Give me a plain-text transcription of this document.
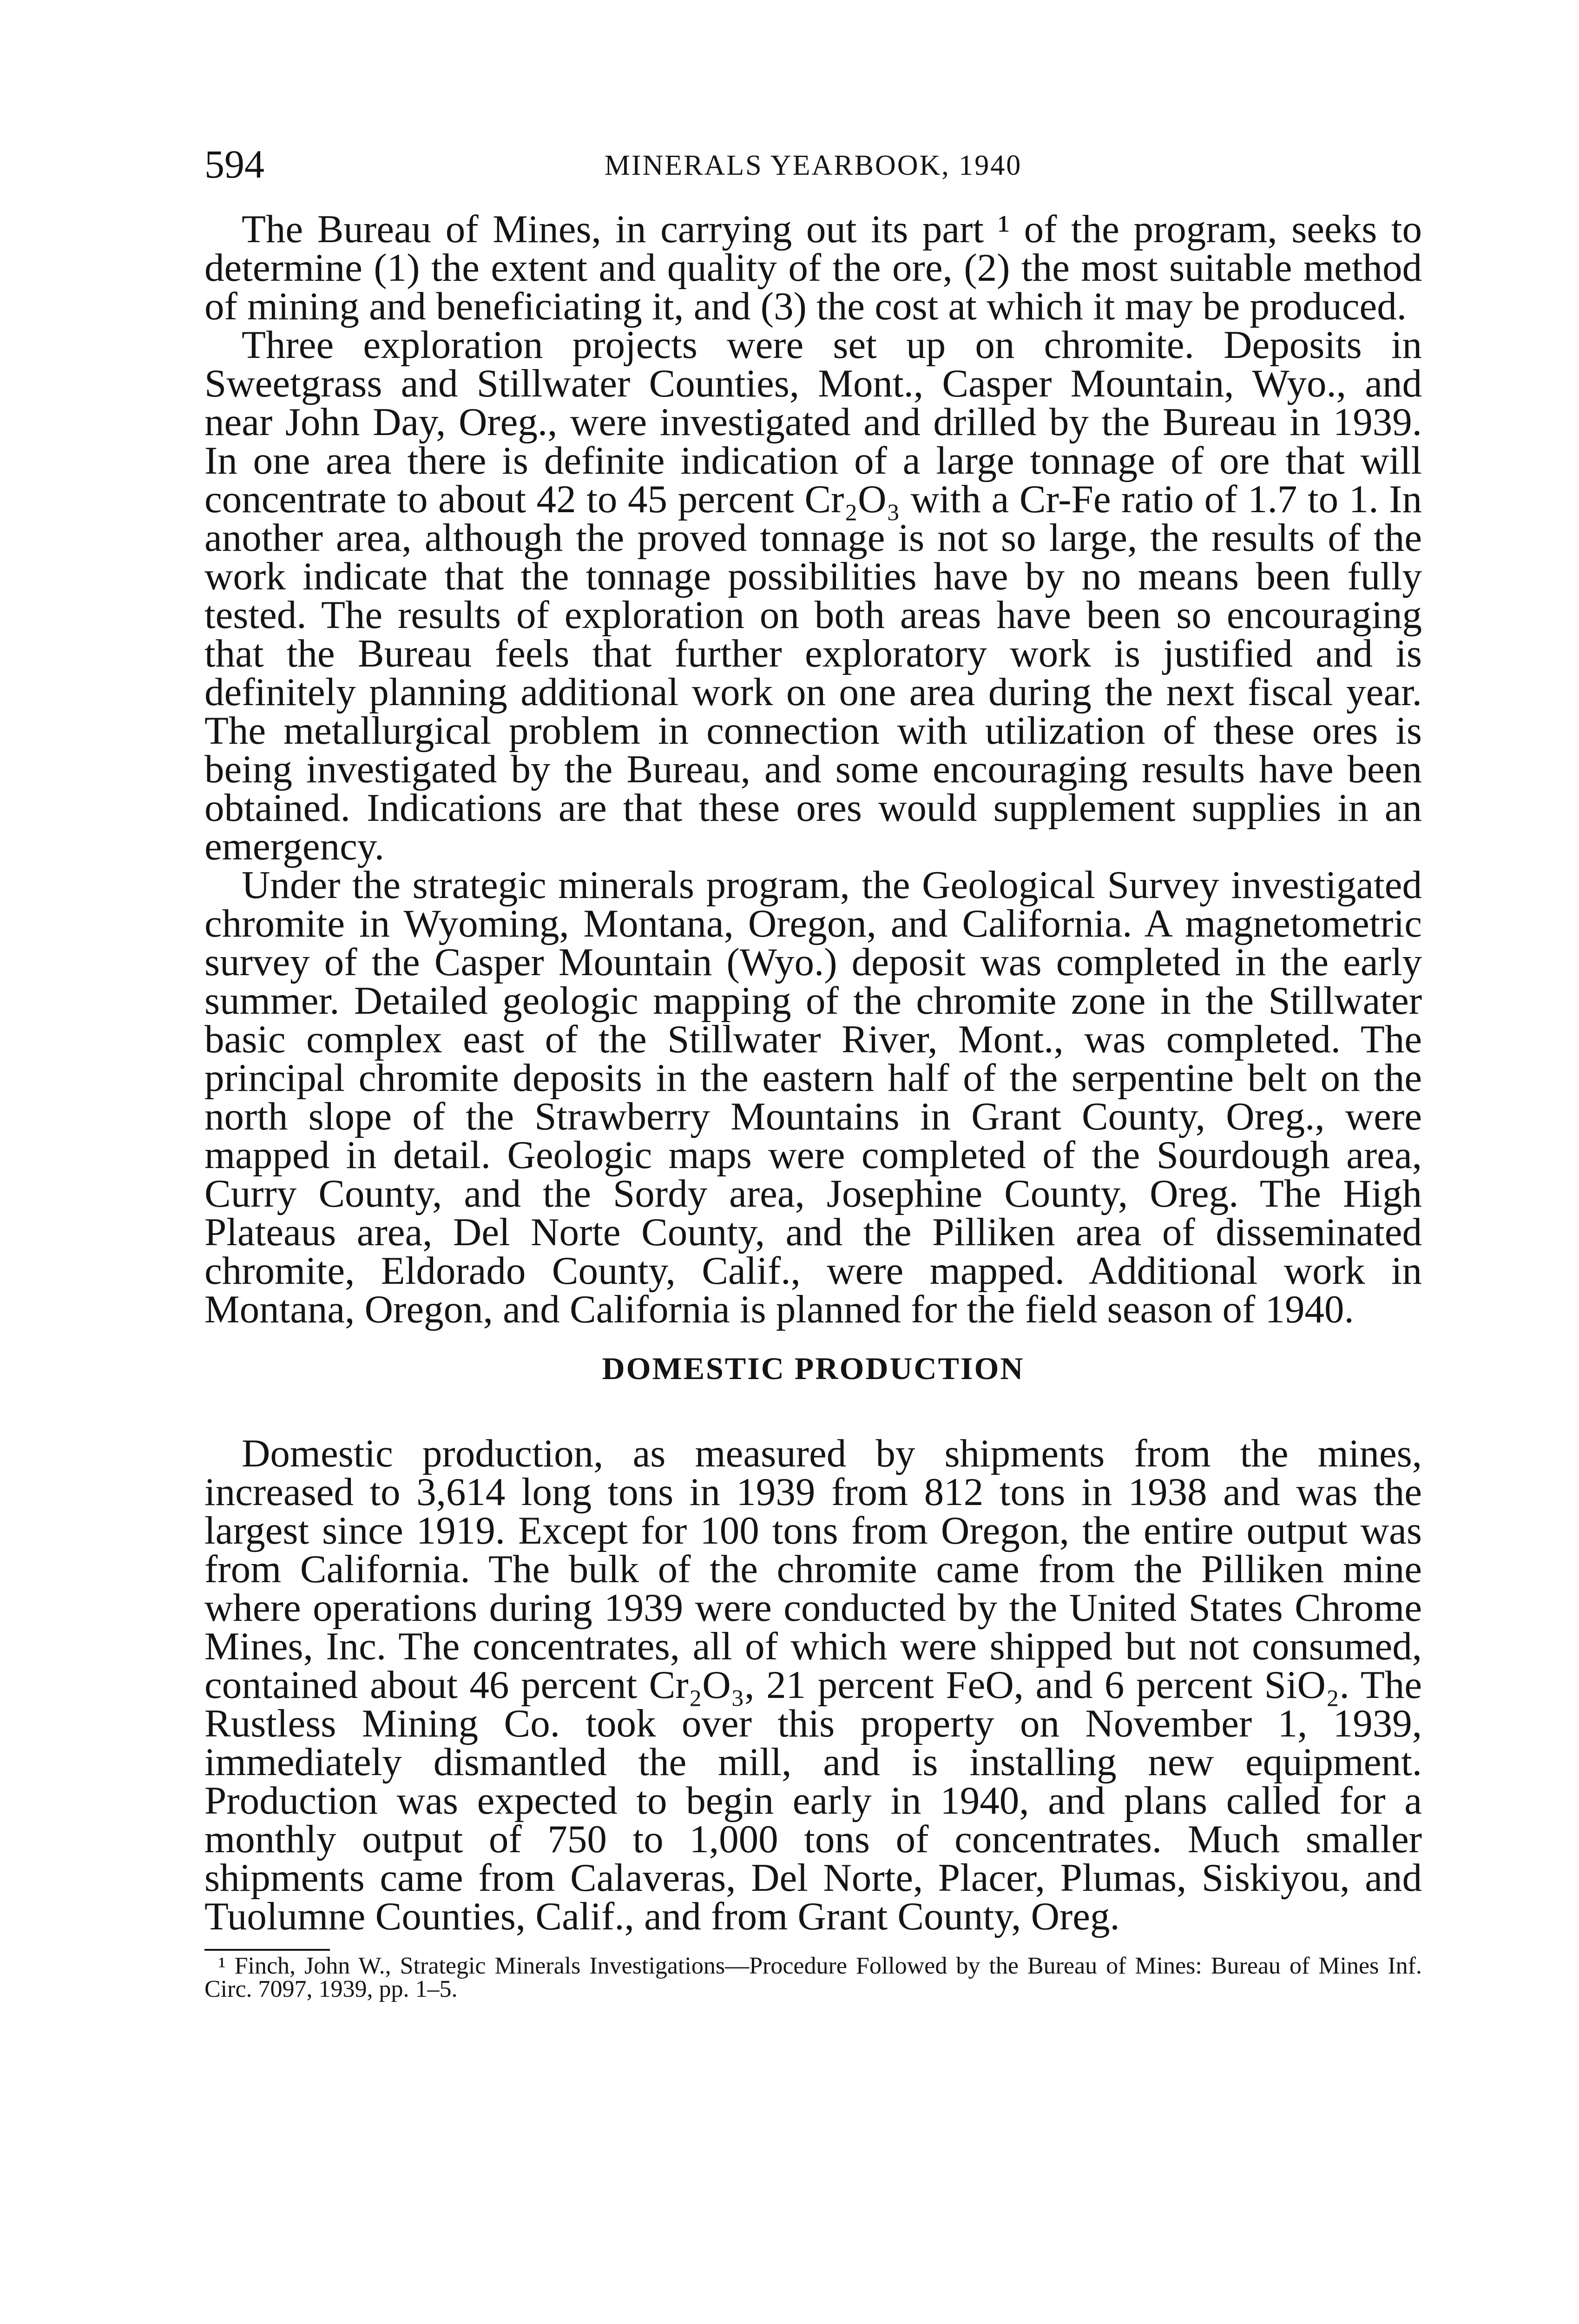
594	MINERALS YEARBOOK, 1940

The Bureau of Mines, in carrying out its part ¹ of the program, seeks to determine (1) the extent and quality of the ore, (2) the most suitable method of mining and beneficiating it, and (3) the cost at which it may be produced.

Three exploration projects were set up on chromite. Deposits in Sweetgrass and Stillwater Counties, Mont., Casper Mountain, Wyo., and near John Day, Oreg., were investigated and drilled by the Bureau in 1939. In one area there is definite indication of a large tonnage of ore that will concentrate to about 42 to 45 percent Cr₂O₃ with a Cr-Fe ratio of 1.7 to 1. In another area, although the proved tonnage is not so large, the results of the work indicate that the tonnage possibilities have by no means been fully tested. The results of exploration on both areas have been so encouraging that the Bureau feels that further exploratory work is justified and is definitely planning additional work on one area during the next fiscal year. The metallurgical problem in connection with utilization of these ores is being investigated by the Bureau, and some encouraging results have been obtained. Indications are that these ores would supplement supplies in an emergency.

Under the strategic minerals program, the Geological Survey investigated chromite in Wyoming, Montana, Oregon, and California. A magnetometric survey of the Casper Mountain (Wyo.) deposit was completed in the early summer. Detailed geologic mapping of the chromite zone in the Stillwater basic complex east of the Stillwater River, Mont., was completed. The principal chromite deposits in the eastern half of the serpentine belt on the north slope of the Strawberry Mountains in Grant County, Oreg., were mapped in detail. Geologic maps were completed of the Sourdough area, Curry County, and the Sordy area, Josephine County, Oreg. The High Plateaus area, Del Norte County, and the Pilliken area of disseminated chromite, Eldorado County, Calif., were mapped. Additional work in Montana, Oregon, and California is planned for the field season of 1940.

DOMESTIC PRODUCTION

Domestic production, as measured by shipments from the mines, increased to 3,614 long tons in 1939 from 812 tons in 1938 and was the largest since 1919. Except for 100 tons from Oregon, the entire output was from California. The bulk of the chromite came from the Pilliken mine where operations during 1939 were conducted by the United States Chrome Mines, Inc. The concentrates, all of which were shipped but not consumed, contained about 46 percent Cr₂O₃, 21 percent FeO, and 6 percent SiO₂. The Rustless Mining Co. took over this property on November 1, 1939, immediately dismantled the mill, and is installing new equipment. Production was expected to begin early in 1940, and plans called for a monthly output of 750 to 1,000 tons of concentrates. Much smaller shipments came from Calaveras, Del Norte, Placer, Plumas, Siskiyou, and Tuolumne Counties, Calif., and from Grant County, Oreg.

¹ Finch, John W., Strategic Minerals Investigations—Procedure Followed by the Bureau of Mines: Bureau of Mines Inf. Circ. 7097, 1939, pp. 1–5.
